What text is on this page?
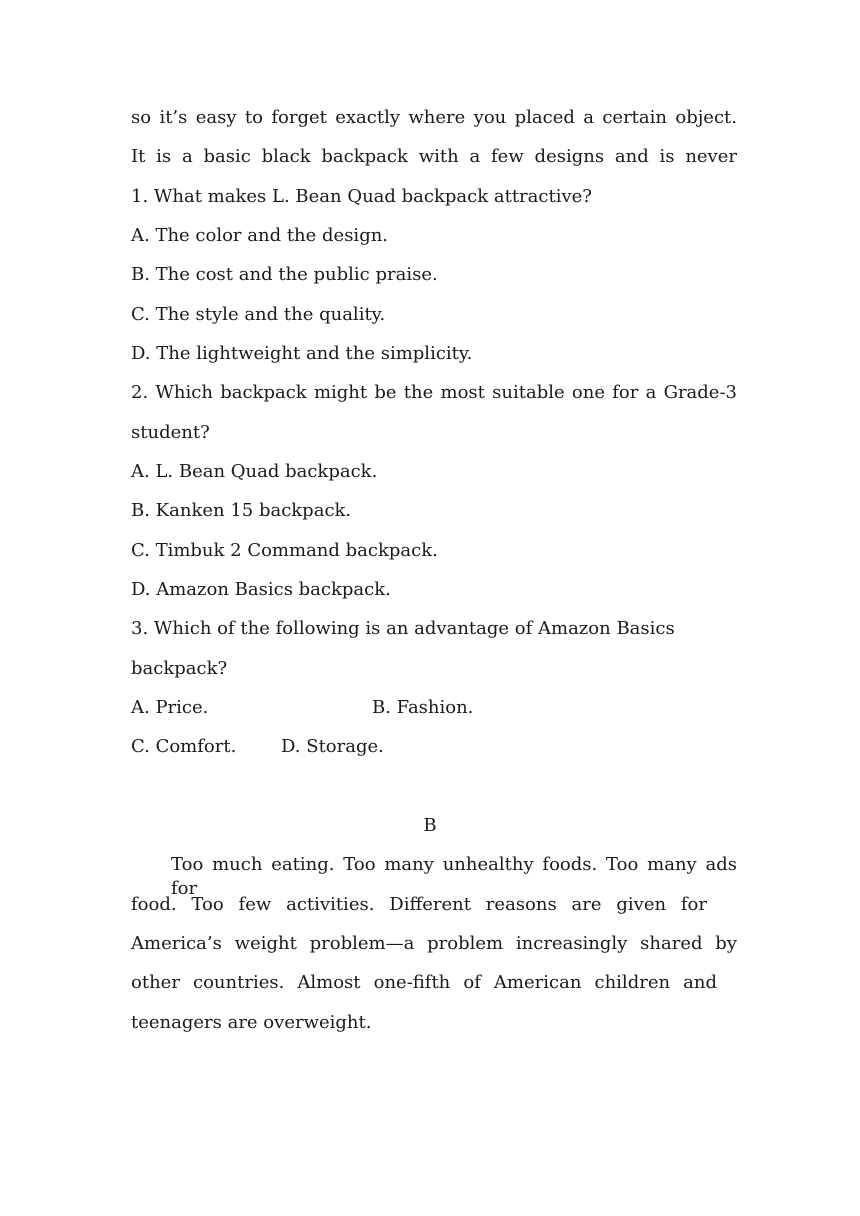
so it’s easy to forget exactly where you placed a certain object.
It is a basic black backpack with a few designs and is never
1. What makes L. Bean Quad backpack attractive?
A. The color and the design.
B. The cost and the public praise.
C. The style and the quality.
D. The lightweight and the simplicity.
2. Which backpack might be the most suitable one for a Grade-3
student?
A. L. Bean Quad backpack.
B. Kanken 15 backpack.
C. Timbuk 2 Command backpack.
D. Amazon Basics backpack.
3. Which of the following is an advantage of Amazon Basics
backpack?
A. Price.	B. Fashion.
C. Comfort. D. Storage.
B
Too much eating. Too many unhealthy foods. Too many ads for
food. Too few activities. Different reasons are given for
America’s weight problem—a problem increasingly shared by
other countries. Almost one-fifth of American children and
teenagers are overweight.
